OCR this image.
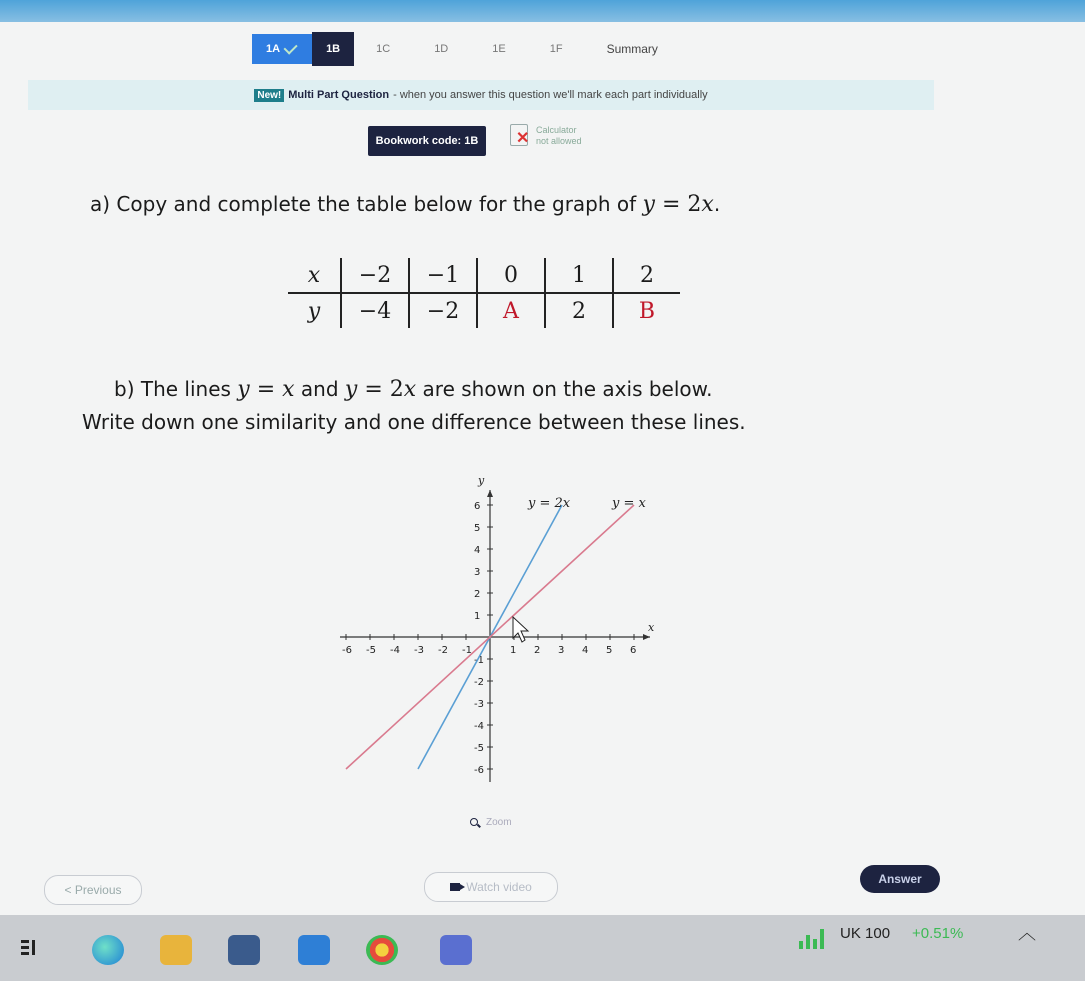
1A	1B	1C	1D	1E	1F	Summary
New! Multi Part Question - when you answer this question we'll mark each part individually
Bookwork code: 1B	✕ Calculator
not allowed
a) Copy and complete the table below for the graph of y = 2x.
x	−2	−1	0	1	2
y	−4	−2	A	2	B
b) The lines y = x and y = 2x are shown on the axis below.
Write down one similarity and one difference between these lines.
x
y
-6 -5 -4 -3 -2 -1	1 2 3 4 5 6
6
5
4
3
2
1
-1
-2
-3
-4
-5
-6
y = 2x	y = x
Zoom
< Previous	Watch video
Answer
UK 100 +0.51%	︿
